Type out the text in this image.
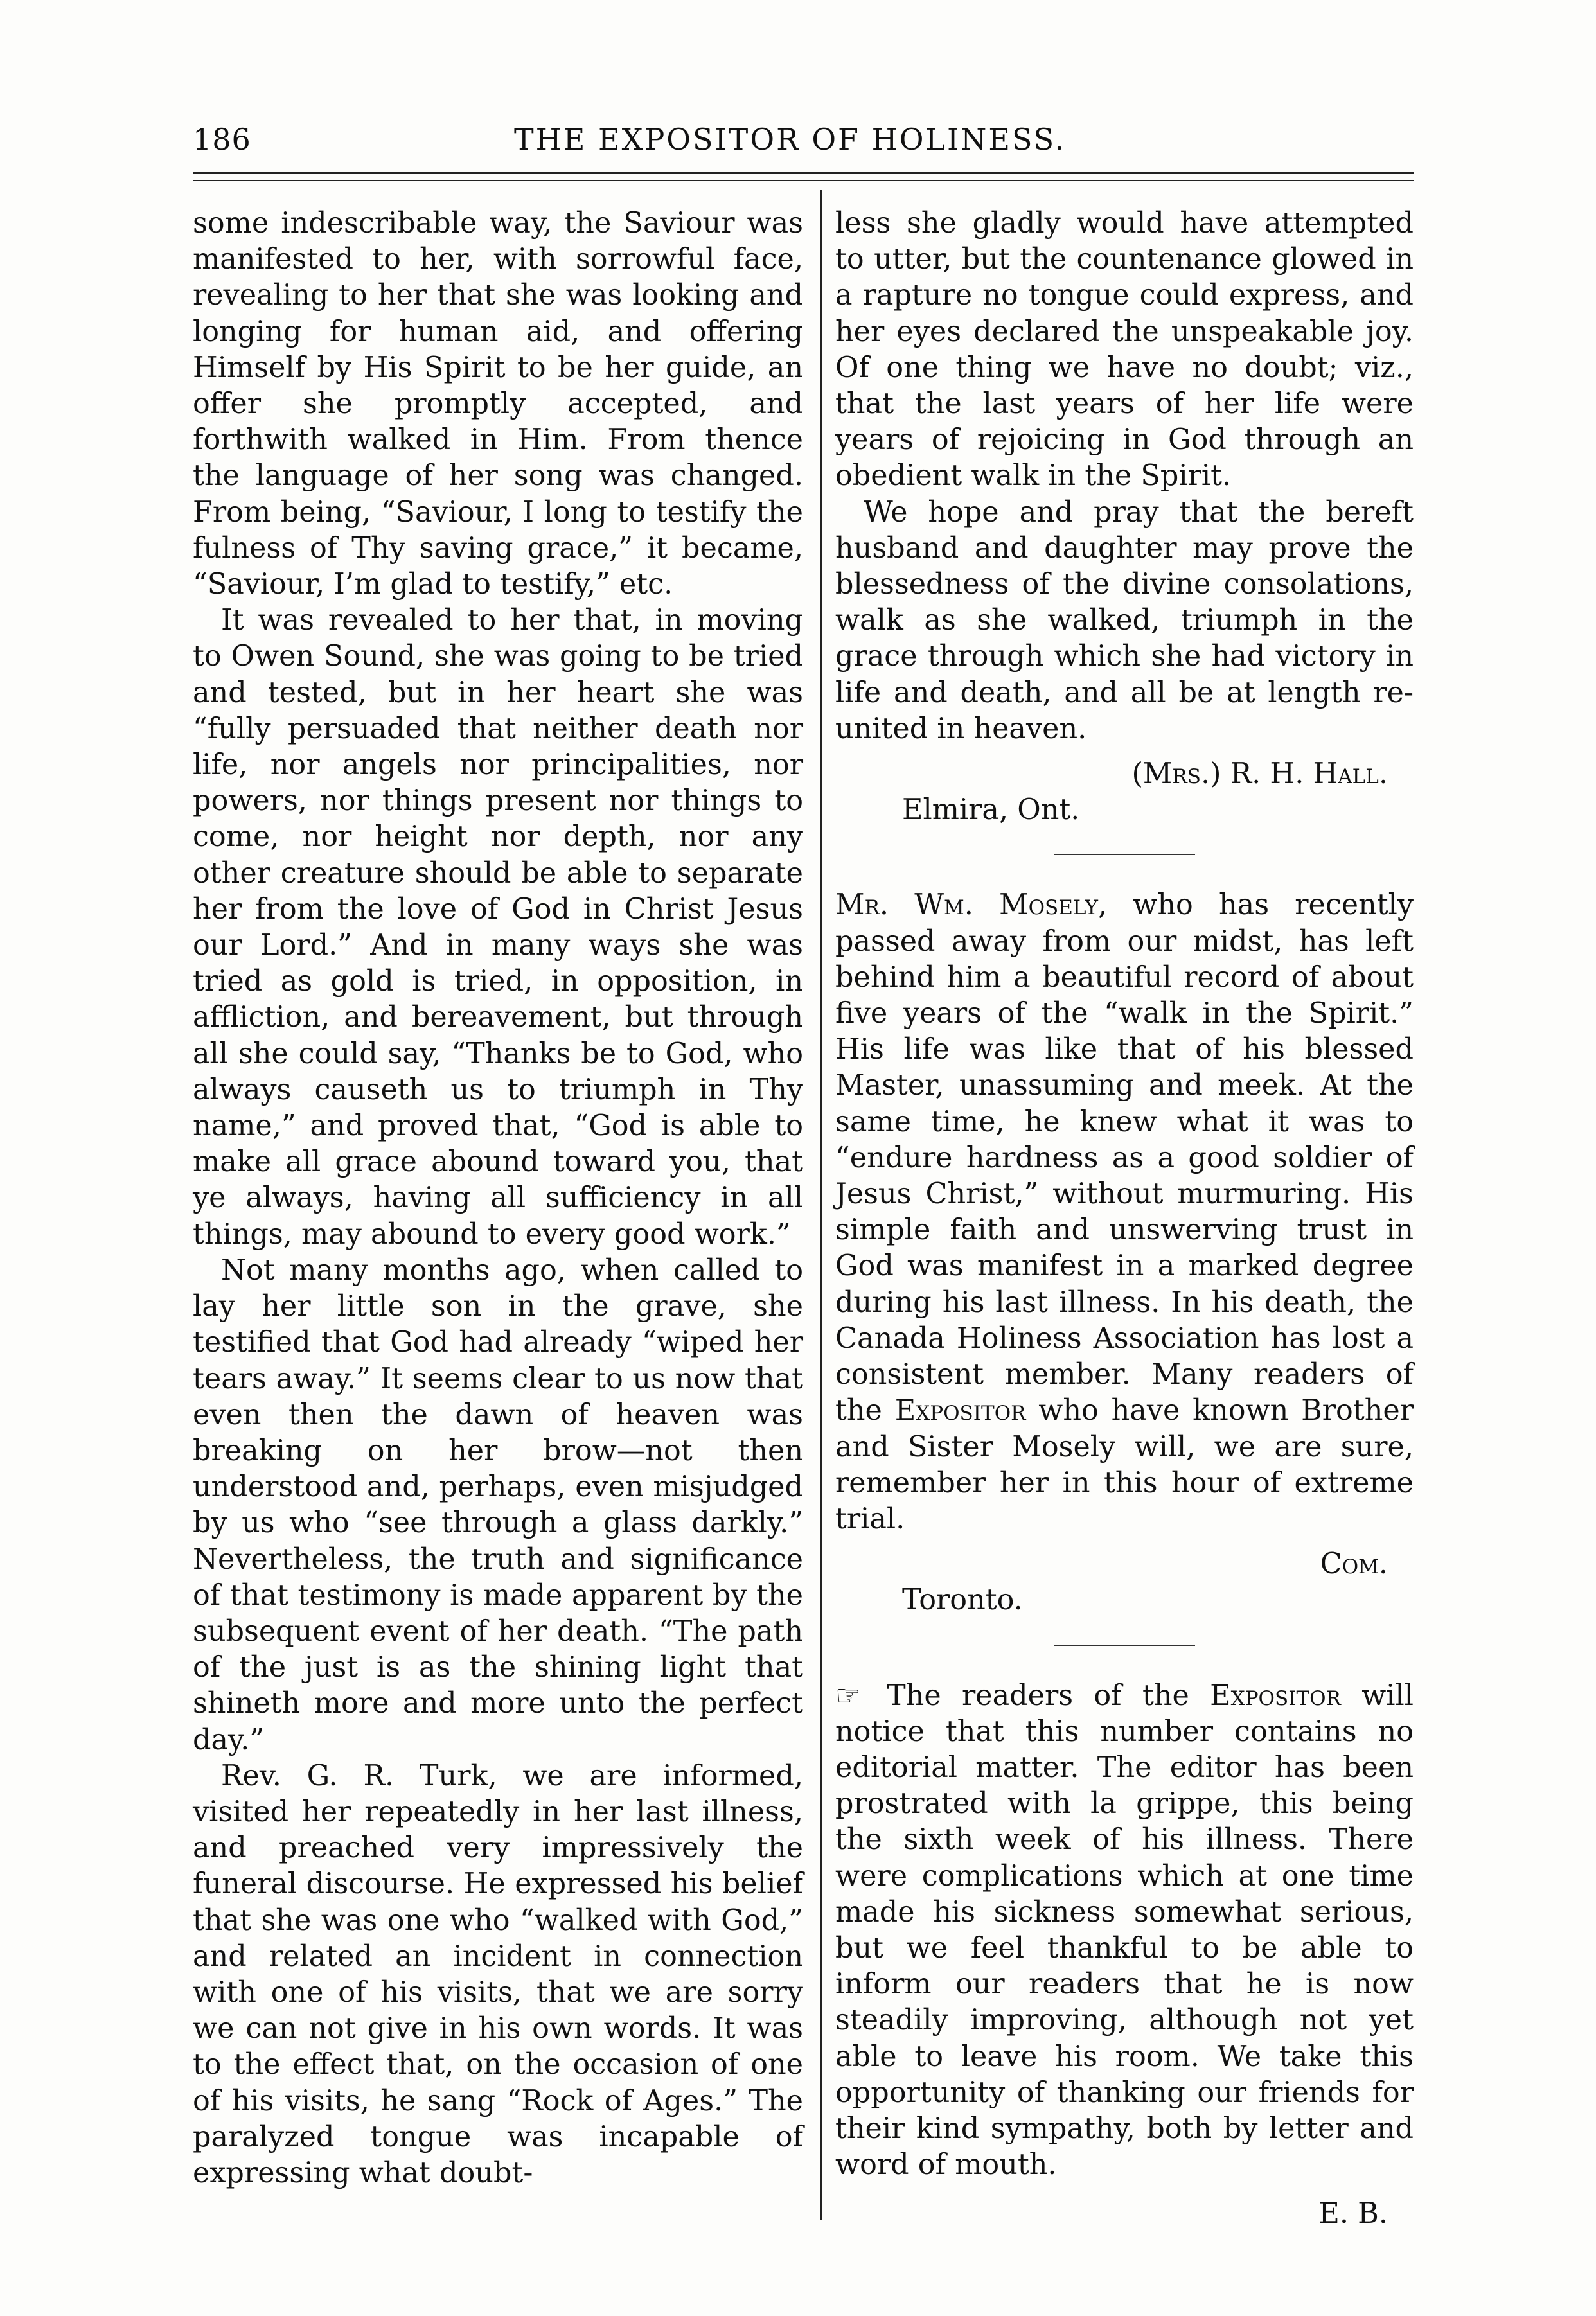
186	THE EXPOSITOR OF HOLINESS.

some indescribable way, the Saviour was manifested to her, with sorrowful face, revealing to her that she was looking and longing for human aid, and offering Himself by His Spirit to be her guide, an offer she promptly accepted, and forthwith walked in Him. From thence the language of her song was changed. From being, “Saviour, I long to testify the fulness of Thy saving grace,” it became, “Saviour, I’m glad to testify,” etc.

It was revealed to her that, in moving to Owen Sound, she was going to be tried and tested, but in her heart she was “fully persuaded that neither death nor life, nor angels nor principalities, nor powers, nor things present nor things to come, nor height nor depth, nor any other creature should be able to separate her from the love of God in Christ Jesus our Lord.” And in many ways she was tried as gold is tried, in opposition, in affliction, and bereavement, but through all she could say, “Thanks be to God, who always causeth us to triumph in Thy name,” and proved that, “God is able to make all grace abound toward you, that ye always, having all sufficiency in all things, may abound to every good work.”

Not many months ago, when called to lay her little son in the grave, she testified that God had already “wiped her tears away.” It seems clear to us now that even then the dawn of heaven was breaking on her brow—not then understood and, perhaps, even misjudged by us who “see through a glass darkly.” Nevertheless, the truth and significance of that testimony is made apparent by the subsequent event of her death. “The path of the just is as the shining light that shineth more and more unto the perfect day.”

Rev. G. R. Turk, we are informed, visited her repeatedly in her last illness, and preached very impressively the funeral discourse. He expressed his belief that she was one who “walked with God,” and related an incident in connection with one of his visits, that we are sorry we can not give in his own words. It was to the effect that, on the occasion of one of his visits, he sang “Rock of Ages.” The paralyzed tongue was incapable of expressing what doubt-

less she gladly would have attempted to utter, but the countenance glowed in a rapture no tongue could express, and her eyes declared the unspeakable joy. Of one thing we have no doubt; viz., that the last years of her life were years of rejoicing in God through an obedient walk in the Spirit.

We hope and pray that the bereft husband and daughter may prove the blessedness of the divine consolations, walk as she walked, triumph in the grace through which she had victory in life and death, and all be at length re-united in heaven.

(Mrs.) R. H. Hall.

Elmira, Ont.

Mr. Wm. Mosely, who has recently passed away from our midst, has left behind him a beautiful record of about five years of the “walk in the Spirit.” His life was like that of his blessed Master, unassuming and meek. At the same time, he knew what it was to “endure hardness as a good soldier of Jesus Christ,” without murmuring. His simple faith and unswerving trust in God was manifest in a marked degree during his last illness. In his death, the Canada Holiness Association has lost a consistent member. Many readers of the Expositor who have known Brother and Sister Mosely will, we are sure, remember her in this hour of extreme trial.

Com.

Toronto.

☞ The readers of the Expositor will notice that this number contains no editorial matter. The editor has been prostrated with la grippe, this being the sixth week of his illness. There were complications which at one time made his sickness somewhat serious, but we feel thankful to be able to inform our readers that he is now steadily improving, although not yet able to leave his room. We take this opportunity of thanking our friends for their kind sympathy, both by letter and word of mouth.

E. B.
